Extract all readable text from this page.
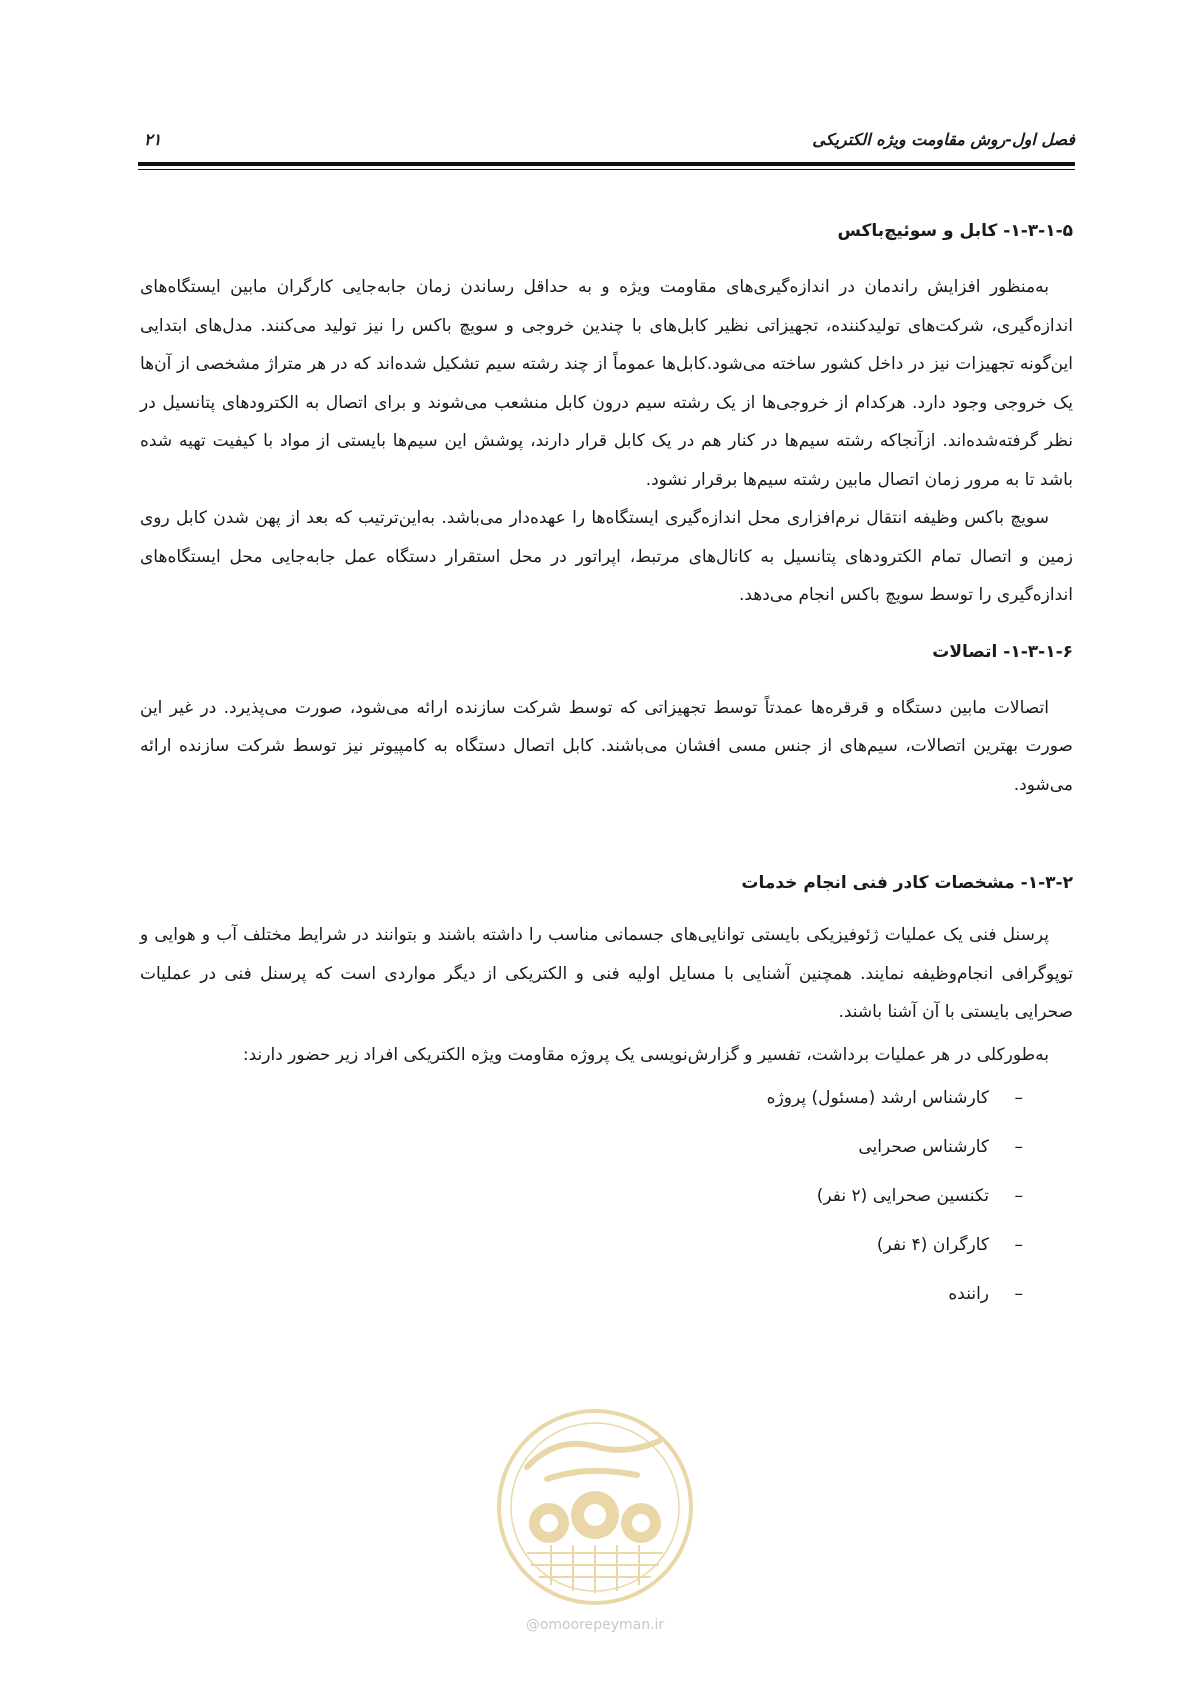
فصل اول-روش مقاومت ویژه الکتریکی
۲۱
۱-۳-۱-۵- کابل و سوئیچ‌باکس

به‌منظور افزایش راندمان در اندازه‌گیری‌های مقاومت ویژه و به حداقل رساندن زمان جابه‌جایی کارگران مابین ایستگاه‌های اندازه‌گیری، شرکت‌های تولیدکننده، تجهیزاتی نظیر کابل‌های با چندین خروجی و سویچ باکس را نیز تولید می‌کنند. مدل‌های ابتدایی این‌گونه تجهیزات نیز در داخل کشور ساخته می‌شود.کابل‌ها عموماً از چند رشته سیم تشکیل شده‌اند که در هر متراژ مشخصی از آن‌ها یک خروجی وجود دارد. هرکدام از خروجی‌ها از یک رشته سیم درون کابل منشعب می‌شوند و برای اتصال به الکترودهای پتانسیل در نظر گرفته‌شده‌اند. ازآنجاکه رشته سیم‌ها در کنار هم در یک کابل قرار دارند، پوشش این سیم‌ها بایستی از مواد با کیفیت تهیه شده باشد تا به مرور زمان اتصال مابین رشته سیم‌ها برقرار نشود.

سویچ باکس وظیفه انتقال نرم‌افزاری محل اندازه‌گیری ایستگاه‌ها را عهده‌دار می‌باشد. به‌این‌ترتیب که بعد از پهن شدن کابل روی زمین و اتصال تمام الکترودهای پتانسیل به کانال‌های مرتبط، اپراتور در محل استقرار دستگاه عمل جابه‌جایی محل ایستگاه‌های اندازه‌گیری را توسط سویچ باکس انجام می‌دهد.

۱-۳-۱-۶- اتصالات

اتصالات مابین دستگاه و قرقره‌ها عمدتاً توسط تجهیزاتی که توسط شرکت سازنده ارائه می‌شود، صورت می‌پذیرد. در غیر این صورت بهترین اتصالات، سیم‌های از جنس مسی افشان می‌باشند. کابل اتصال دستگاه به کامپیوتر نیز توسط شرکت سازنده ارائه می‌شود.

۱-۳-۲- مشخصات کادر فنی انجام خدمات

پرسنل فنی یک عملیات ژئوفیزیکی بایستی توانایی‌های جسمانی مناسب را داشته باشند و بتوانند در شرایط مختلف آب و هوایی و توپوگرافی انجام‌وظیفه نمایند. همچنین آشنایی با مسایل اولیه فنی و الکتریکی از دیگر مواردی است که پرسنل فنی در عملیات صحرایی بایستی با آن آشنا باشند.

به‌طورکلی در هر عملیات برداشت، تفسیر و گزارش‌نویسی یک پروژه مقاومت ویژه الکتریکی افراد زیر حضور دارند:

–کارشناس ارشد (مسئول) پروژه
–کارشناس صحرایی
–تکنسین صحرایی (۲ نفر)
–کارگران (۴ نفر)
–راننده
@omoorepeyman.ir
